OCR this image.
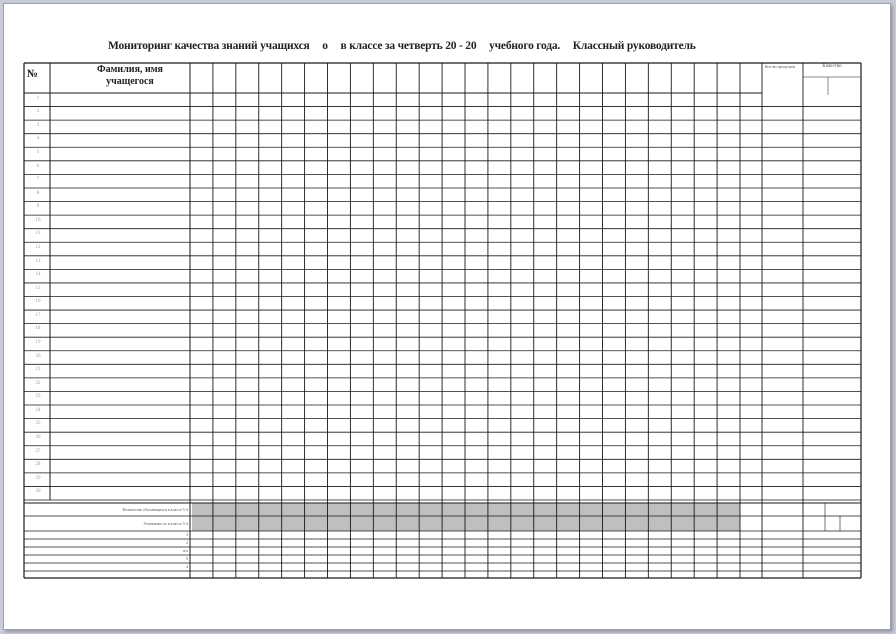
Мониторинг качества знаний учащихся о в классе за четверть 20 - 20 учебного года. Классный руководитель
№	Фамилия, имя учащегося
Кол-во пропусков	Качество
1
2
3
4
5
6
7
8
9
10
11
12
13
14
15
16
17
18
19
20
21
22
23
24
25
26
27
28
29
30
Количество обучающихся в классе 5-4
Успеваемость в классе 5-4
3
2
н/а
5
4
